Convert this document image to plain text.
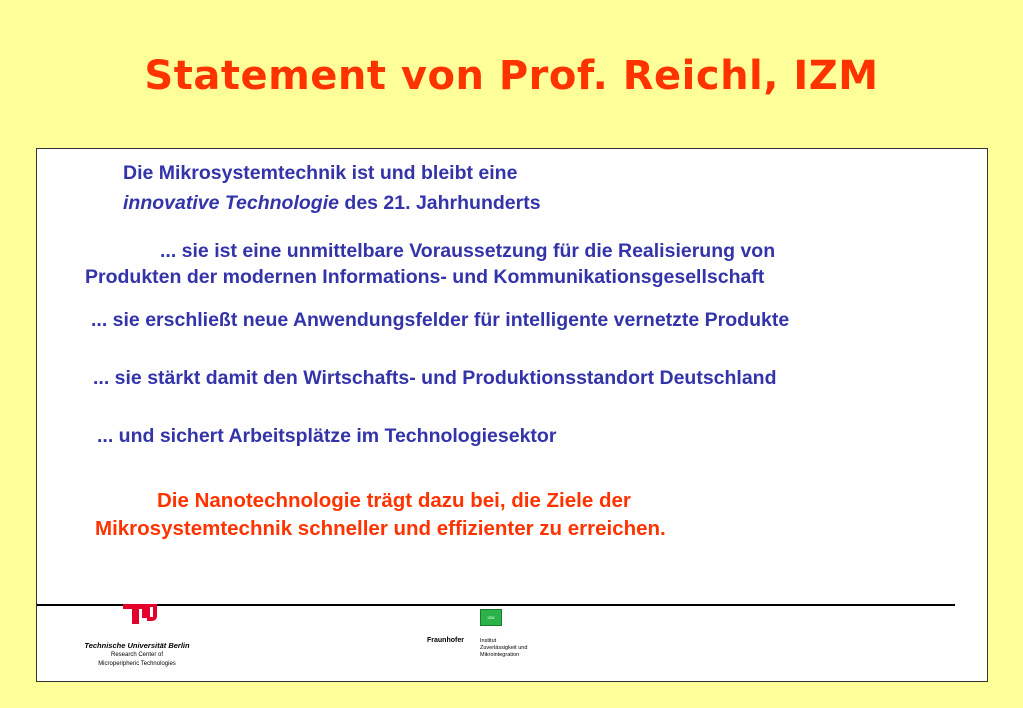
Statement von Prof. Reichl, IZM
Die Mikrosystemtechnik ist und bleibt eine
innovative Technologie des 21. Jahrhunderts
... sie ist eine unmittelbare Voraussetzung für die Realisierung von
Produkten der modernen Informations- und Kommunikationsgesellschaft
... sie erschließt neue Anwendungsfelder für intelligente vernetzte Produkte
... sie stärkt damit den Wirtschafts- und Produktionsstandort Deutschland
... und sichert Arbeitsplätze im Technologiesektor
Die Nanotechnologie trägt dazu bei, die Ziele der
Mikrosystemtechnik schneller und effizienter zu erreichen.
Technische Universität Berlin
Research Center of
Microperipheric Technologies
IZM
Fraunhofer	Institut
Zuverlässigkeit und
Mikrointegration
